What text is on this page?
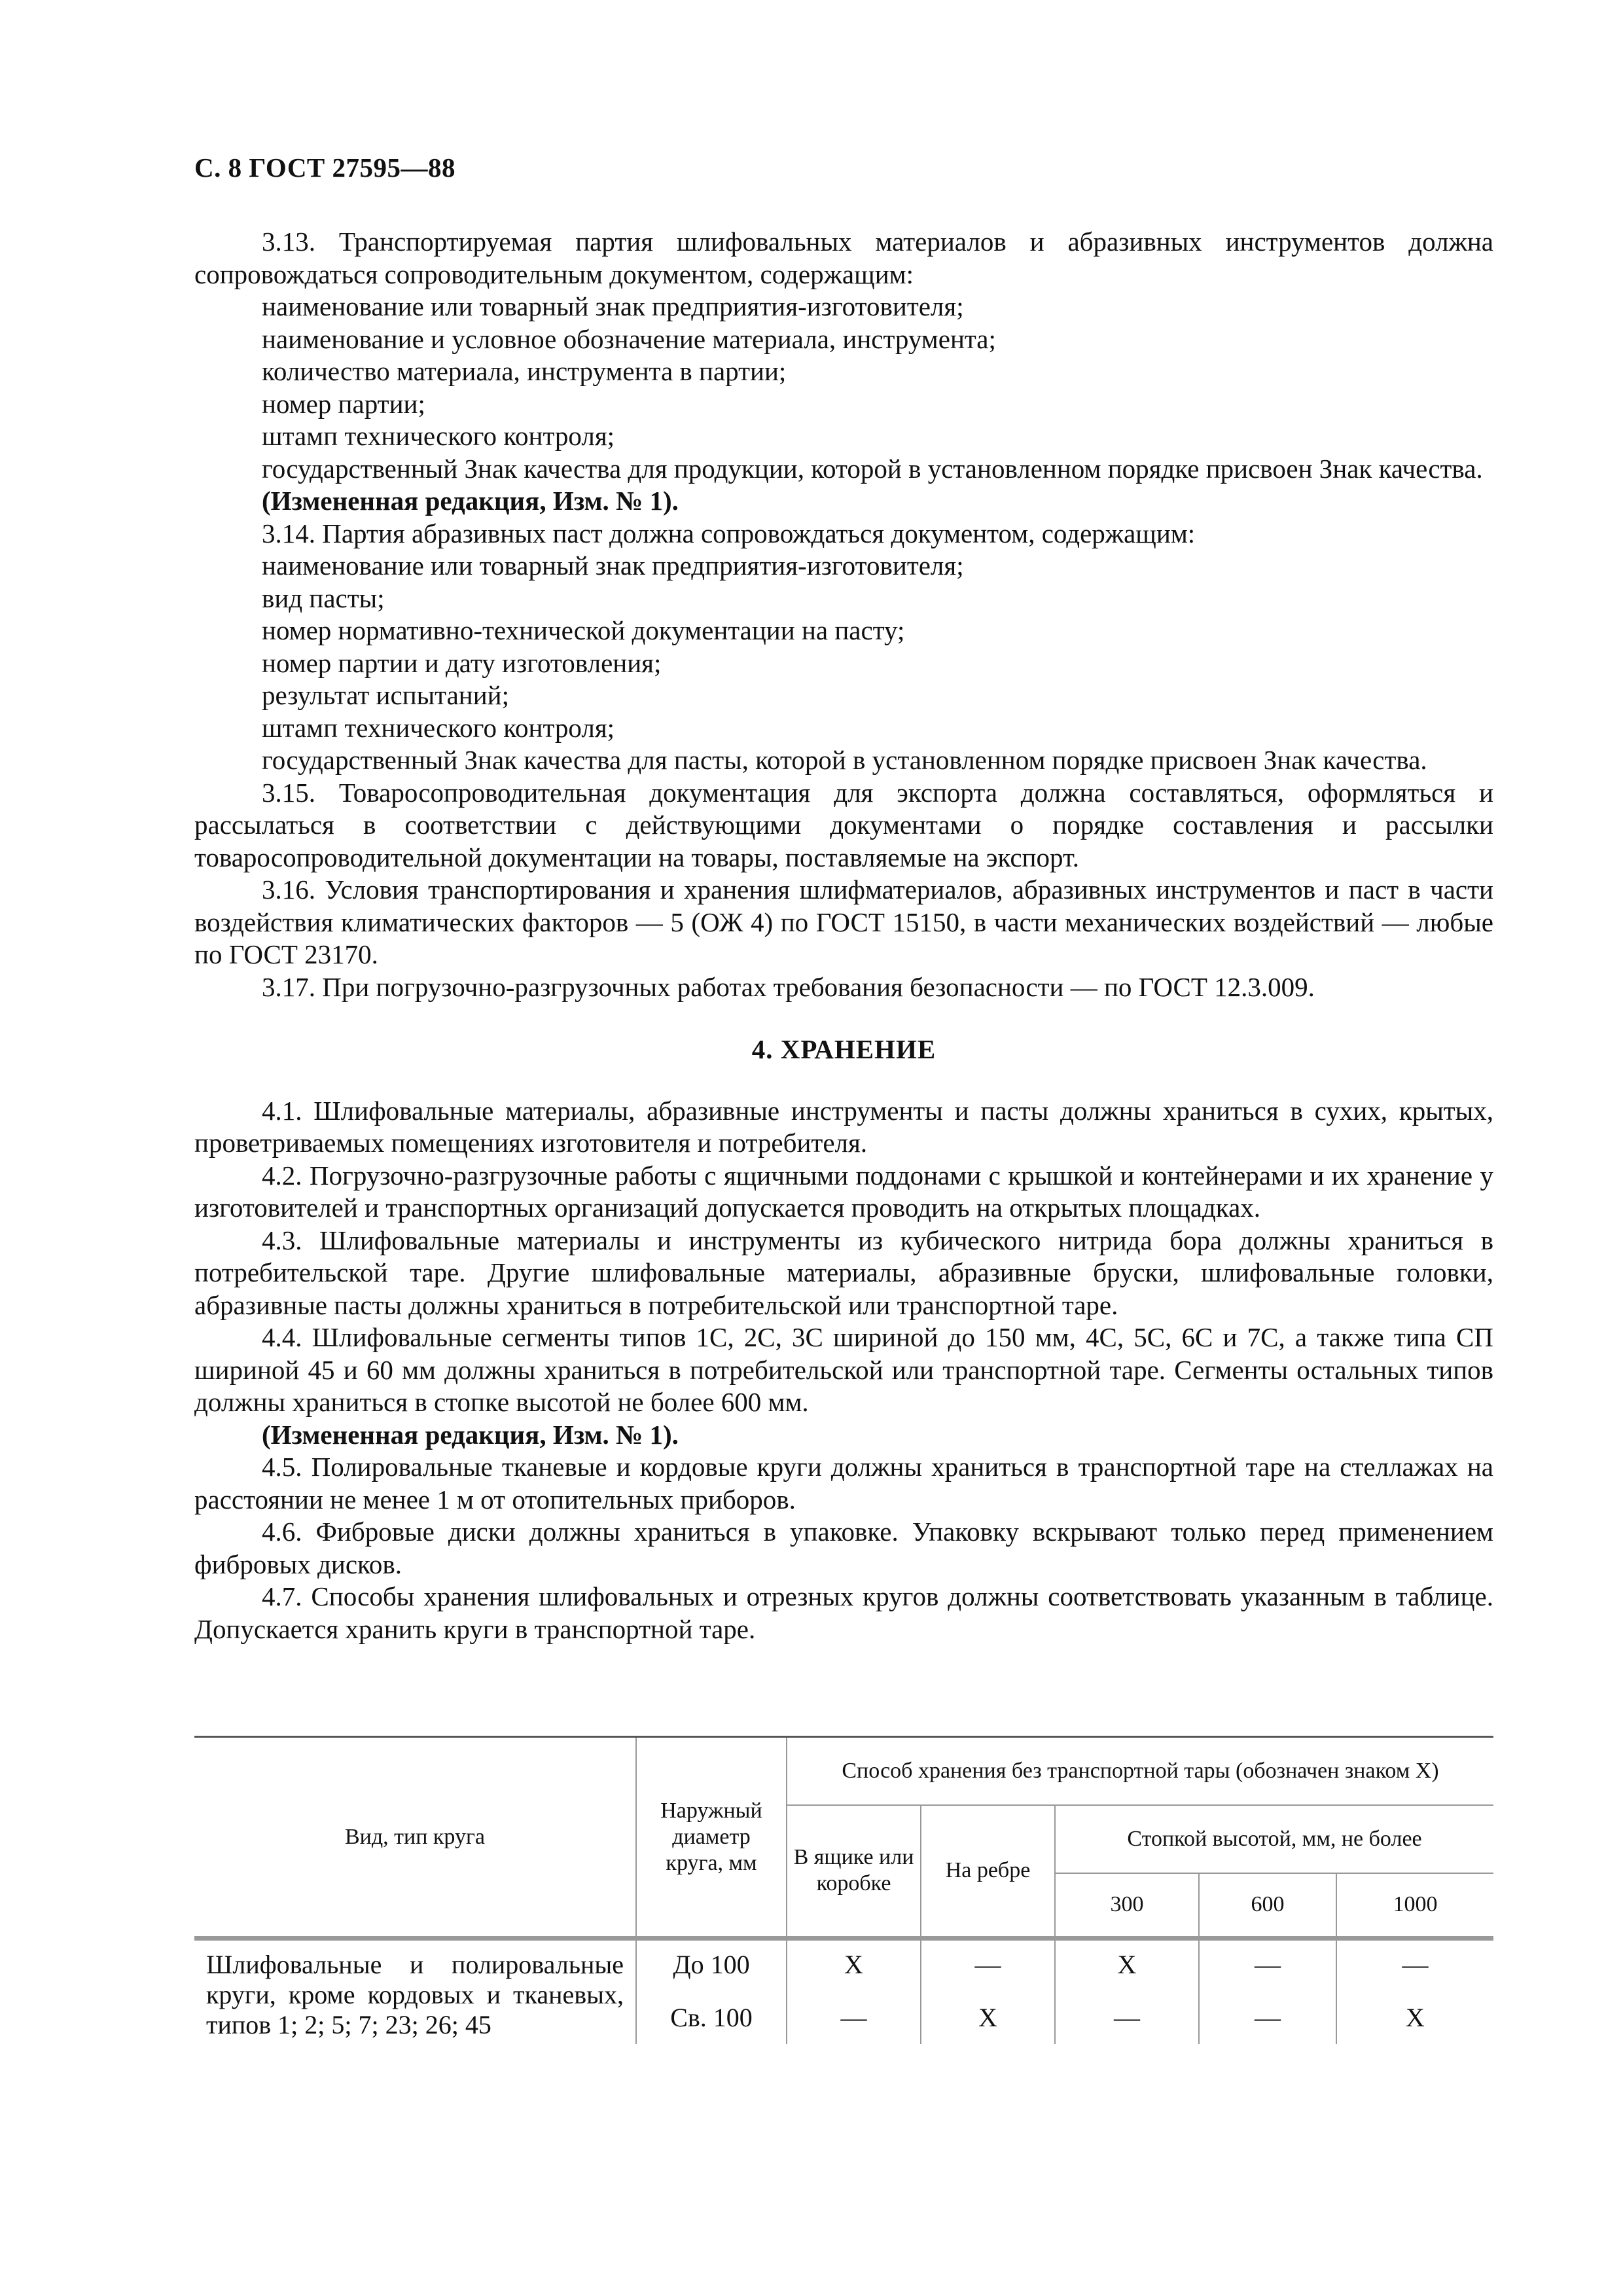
С. 8 ГОСТ 27595—88

3.13. Транспортируемая партия шлифовальных материалов и абразивных инструментов должна сопровождаться сопроводительным документом, содержащим:

наименование или товарный знак предприятия-изготовителя;

наименование и условное обозначение материала, инструмента;

количество материала, инструмента в партии;

номер партии;

штамп технического контроля;

государственный Знак качества для продукции, которой в установленном порядке присвоен Знак качества.

(Измененная редакция, Изм. № 1).

3.14. Партия абразивных паст должна сопровождаться документом, содержащим:

наименование или товарный знак предприятия-изготовителя;

вид пасты;

номер нормативно-технической документации на пасту;

номер партии и дату изготовления;

результат испытаний;

штамп технического контроля;

государственный Знак качества для пасты, которой в установленном порядке присвоен Знак качества.

3.15. Товаросопроводительная документация для экспорта должна составляться, оформляться и рассылаться в соответствии с действующими документами о порядке составления и рассылки товаросопроводительной документации на товары, поставляемые на экспорт.

3.16. Условия транспортирования и хранения шлифматериалов, абразивных инструментов и паст в части воздействия климатических факторов — 5 (ОЖ 4) по ГОСТ 15150, в части механических воздействий — любые по ГОСТ 23170.

3.17. При погрузочно-разгрузочных работах требования безопасности — по ГОСТ 12.3.009.

4. ХРАНЕНИЕ

4.1. Шлифовальные материалы, абразивные инструменты и пасты должны храниться в сухих, крытых, проветриваемых помещениях изготовителя и потребителя.

4.2. Погрузочно-разгрузочные работы с ящичными поддонами с крышкой и контейнерами и их хранение у изготовителей и транспортных организаций допускается проводить на открытых площадках.

4.3. Шлифовальные материалы и инструменты из кубического нитрида бора должны храниться в потребительской таре. Другие шлифовальные материалы, абразивные бруски, шлифовальные головки, абразивные пасты должны храниться в потребительской или транспортной таре.

4.4. Шлифовальные сегменты типов 1С, 2С, 3С шириной до 150 мм, 4С, 5С, 6С и 7С, а также типа СП шириной 45 и 60 мм должны храниться в потребительской или транспортной таре. Сегменты остальных типов должны храниться в стопке высотой не более 600 мм.

(Измененная редакция, Изм. № 1).

4.5. Полировальные тканевые и кордовые круги должны храниться в транспортной таре на стеллажах на расстоянии не менее 1 м от отопительных приборов.

4.6. Фибровые диски должны храниться в упаковке. Упаковку вскрывают только перед применением фибровых дисков.

4.7. Способы хранения шлифовальных и отрезных кругов должны соответствовать указанным в таблице. Допускается хранить круги в транспортной таре.

Вид, тип круга	Наружный диаметр круга, мм	Способ хранения без транспортной тары (обозначен знаком X)				
		В ящике или коробке	На ребре	Стопкой высотой, мм, не более		
				300	600	1000
Шлифовальные и полировальные круги, кроме кордовых и тканевых, типов 1; 2; 5; 7; 23; 26; 45	До 100	X	—	X	—	—
	Св. 100	—	X	—	—	X
